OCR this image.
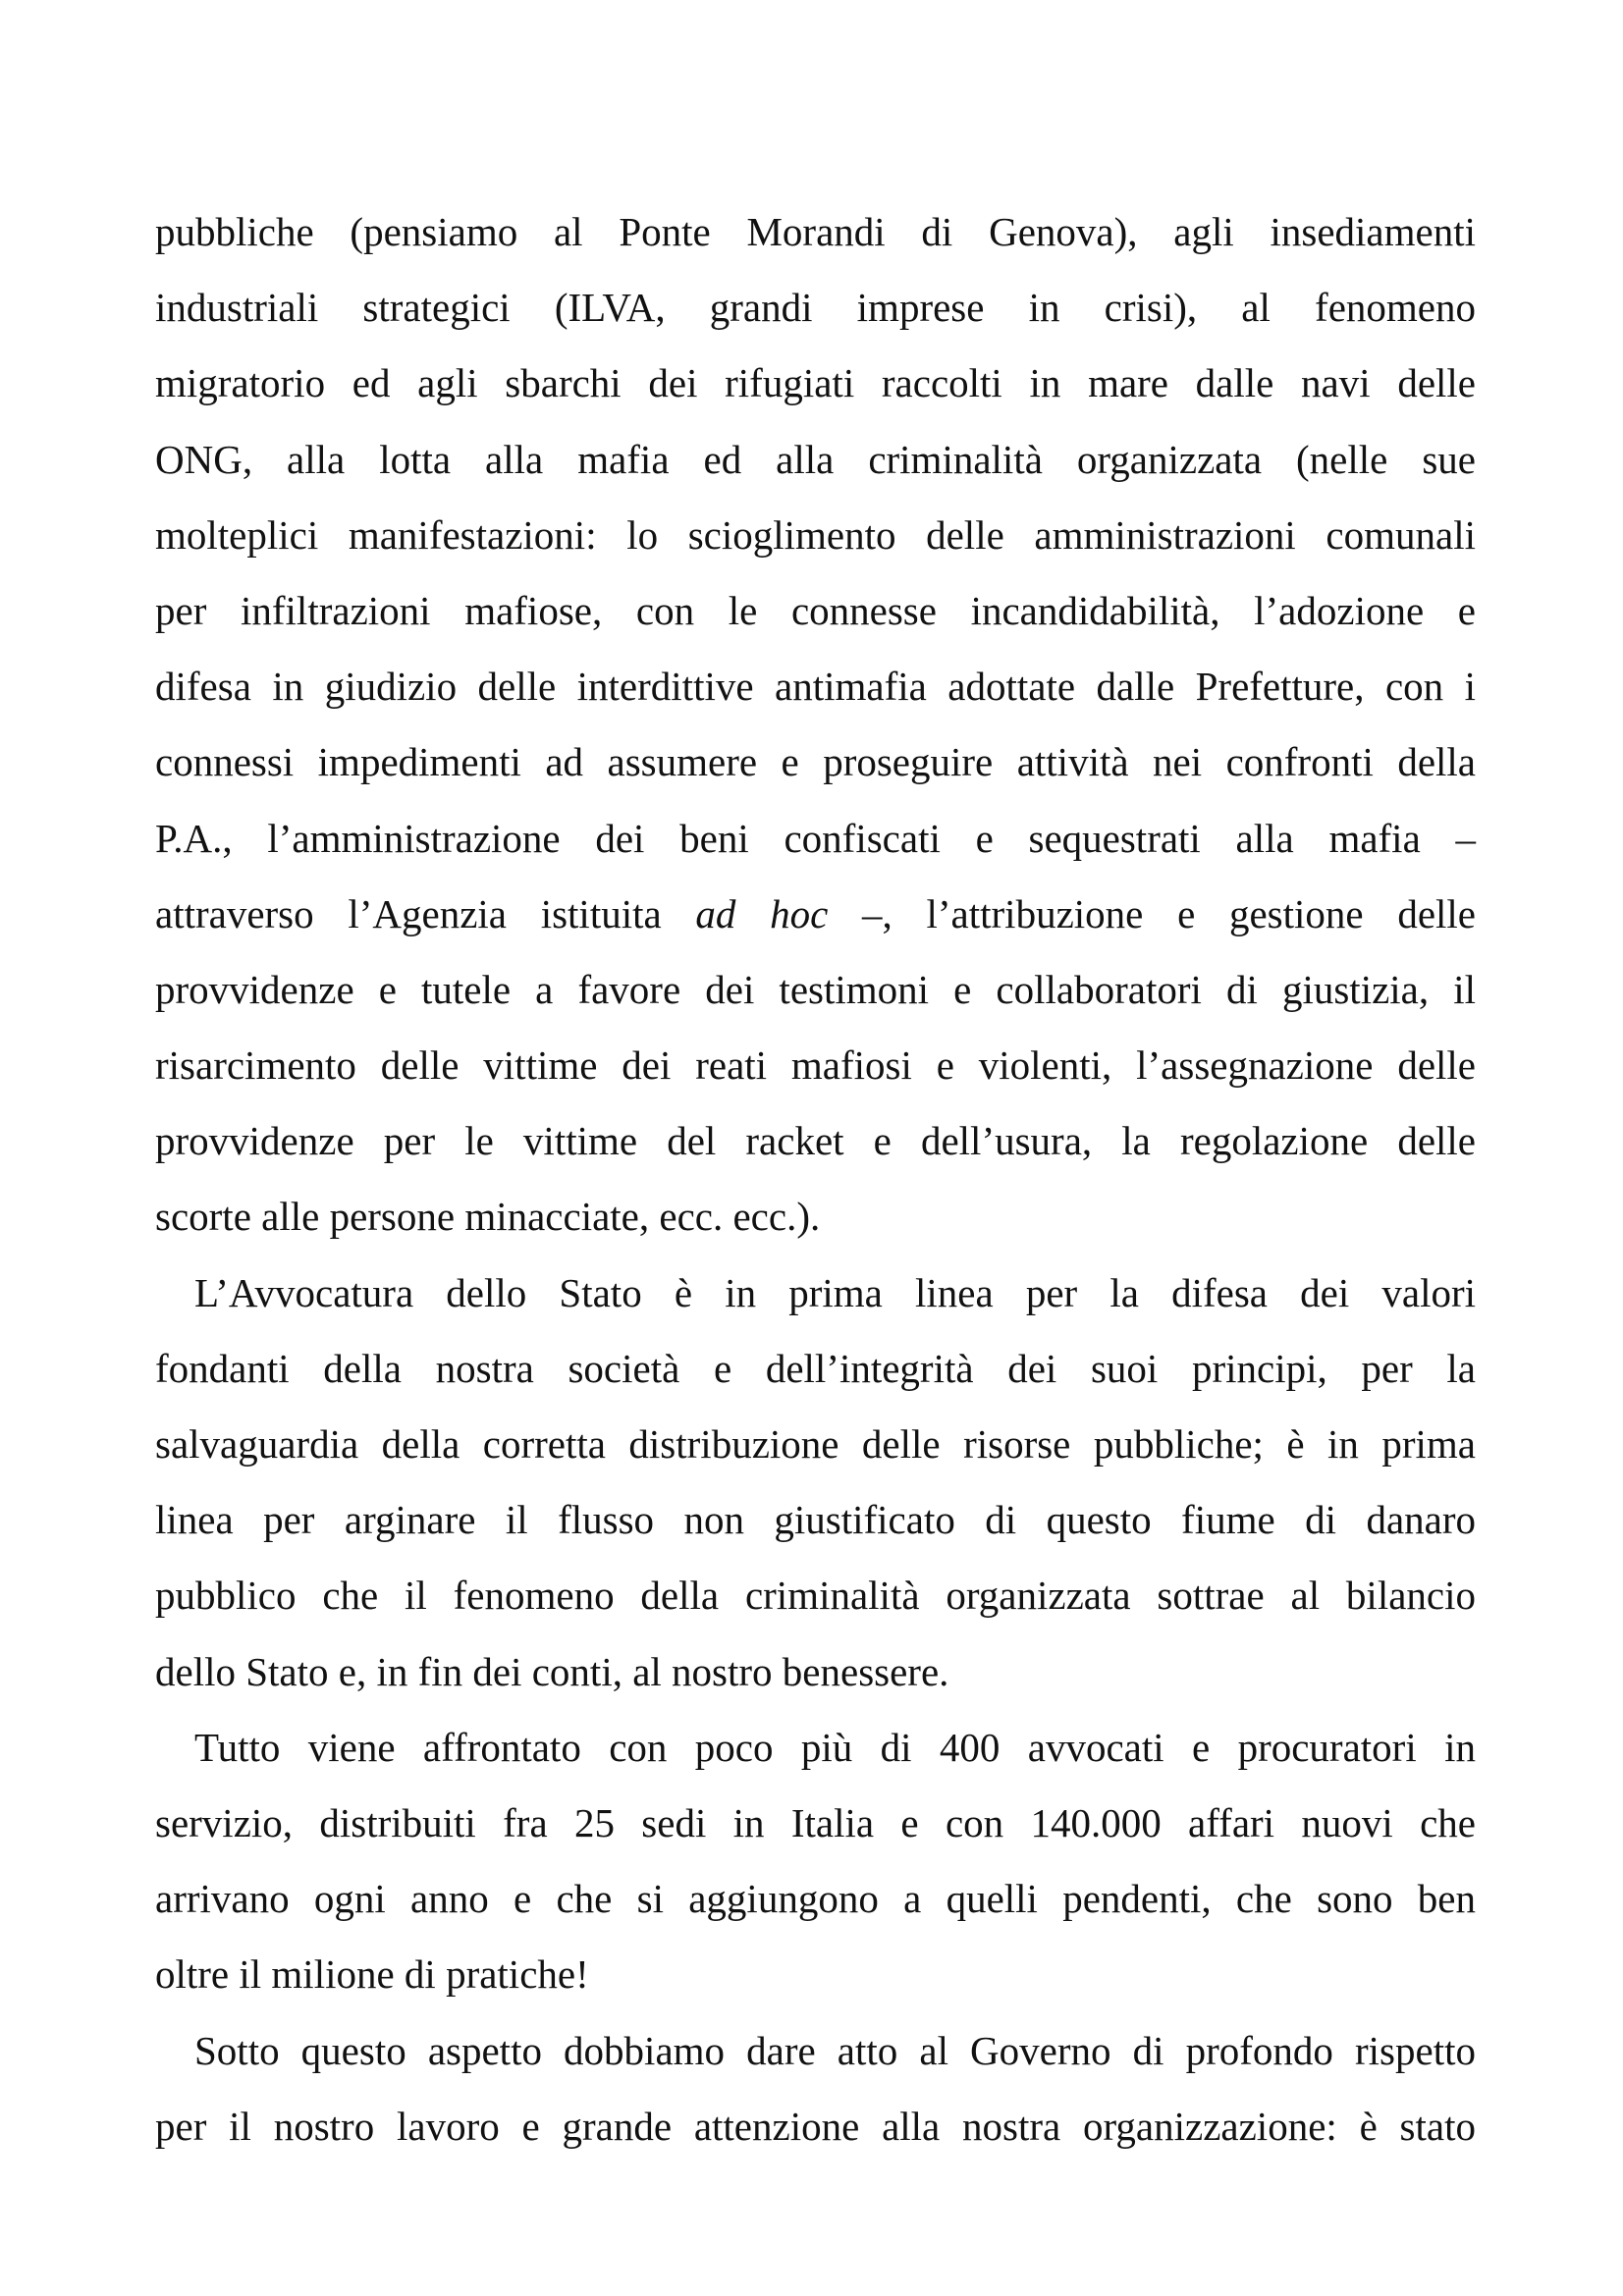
pubbliche (pensiamo al Ponte Morandi di Genova), agli insediamenti
industriali strategici (ILVA, grandi imprese in crisi), al fenomeno
migratorio ed agli sbarchi dei rifugiati raccolti in mare dalle navi delle
ONG, alla lotta alla mafia ed alla criminalità organizzata (nelle sue
molteplici manifestazioni: lo scioglimento delle amministrazioni comunali
per infiltrazioni mafiose, con le connesse incandidabilità, l’adozione e
difesa in giudizio delle interdittive antimafia adottate dalle Prefetture, con i
connessi impedimenti ad assumere e proseguire attività nei confronti della
P.A., l’amministrazione dei beni confiscati e sequestrati alla mafia –
attraverso l’Agenzia istituita ad hoc –, l’attribuzione e gestione delle
provvidenze e tutele a favore dei testimoni e collaboratori di giustizia, il
risarcimento delle vittime dei reati mafiosi e violenti, l’assegnazione delle
provvidenze per le vittime del racket e dell’usura, la regolazione delle
scorte alle persone minacciate, ecc. ecc.).
L’Avvocatura dello Stato è in prima linea per la difesa dei valori
fondanti della nostra società e dell’integrità dei suoi principi, per la
salvaguardia della corretta distribuzione delle risorse pubbliche; è in prima
linea per arginare il flusso non giustificato di questo fiume di danaro
pubblico che il fenomeno della criminalità organizzata sottrae al bilancio
dello Stato e, in fin dei conti, al nostro benessere.
Tutto viene affrontato con poco più di 400 avvocati e procuratori in
servizio, distribuiti fra 25 sedi in Italia e con 140.000 affari nuovi che
arrivano ogni anno e che si aggiungono a quelli pendenti, che sono ben
oltre il milione di pratiche!
Sotto questo aspetto dobbiamo dare atto al Governo di profondo rispetto
per il nostro lavoro e grande attenzione alla nostra organizzazione: è stato
